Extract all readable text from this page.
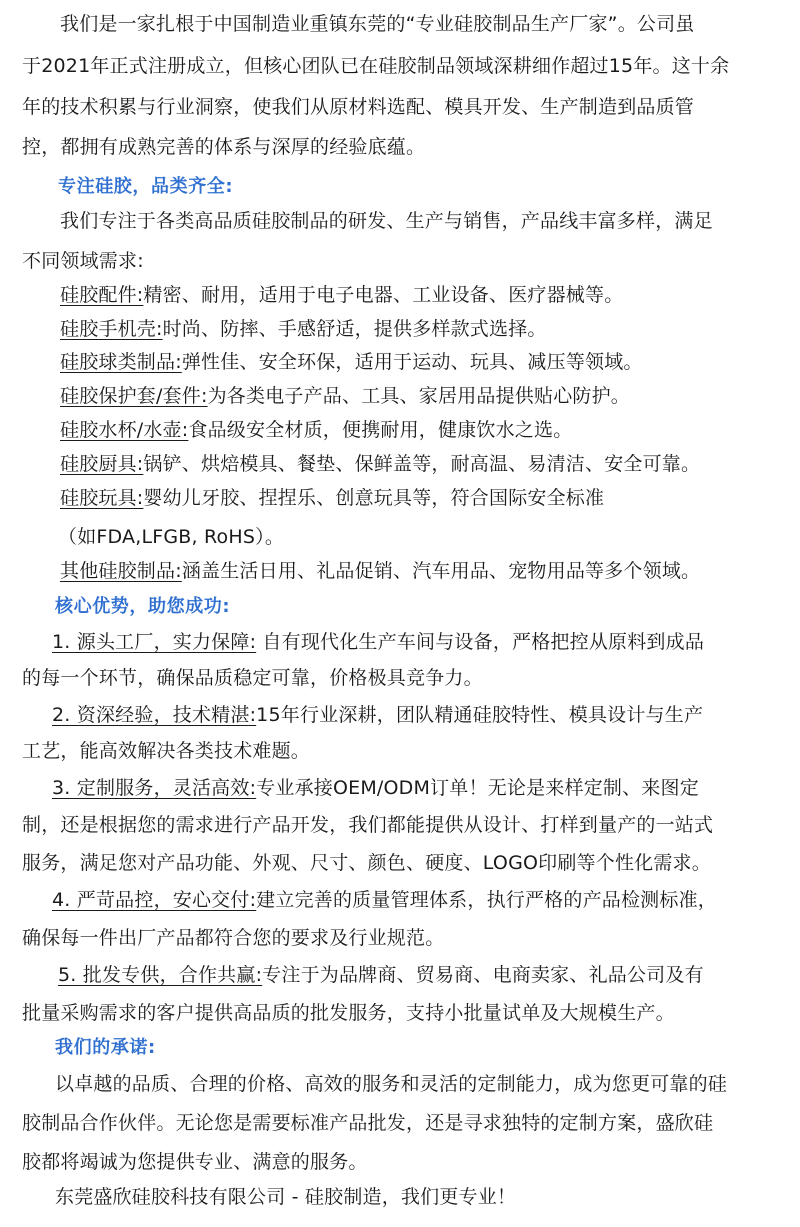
我们是一家扎根于中国制造业重镇东莞的“专业硅胶制品生产厂家”。公司虽
于2021年正式注册成立，但核心团队已在硅胶制品领域深耕细作超过15年。这十余
年的技术积累与行业洞察，使我们从原材料选配、模具开发、生产制造到品质管
控，都拥有成熟完善的体系与深厚的经验底蕴。
专注硅胶，品类齐全:
我们专注于各类高品质硅胶制品的研发、生产与销售，产品线丰富多样，满足
不同领域需求:
硅胶配件:精密、耐用，适用于电子电器、工业设备、医疗器械等。
硅胶手机壳:时尚、防摔、手感舒适，提供多样款式选择。
硅胶球类制品:弹性佳、安全环保，适用于运动、玩具、减压等领域。
硅胶保护套/套件:为各类电子产品、工具、家居用品提供贴心防护。
硅胶水杯/水壶:食品级安全材质，便携耐用，健康饮水之选。
硅胶厨具:锅铲、烘焙模具、餐垫、保鲜盖等，耐高温、易清洁、安全可靠。
硅胶玩具:婴幼儿牙胶、捏捏乐、创意玩具等，符合国际安全标准
（如FDA,LFGB, RoHS）。
其他硅胶制品:涵盖生活日用、礼品促销、汽车用品、宠物用品等多个领域。
核心优势，助您成功:
1. 源头工厂，实力保障: 自有现代化生产车间与设备，严格把控从原料到成品
的每一个环节，确保品质稳定可靠，价格极具竞争力。
2. 资深经验，技术精湛:15年行业深耕，团队精通硅胶特性、模具设计与生产
工艺，能高效解决各类技术难题。
3. 定制服务，灵活高效:专业承接OEM/ODM订单！无论是来样定制、来图定
制，还是根据您的需求进行产品开发，我们都能提供从设计、打样到量产的一站式
服务，满足您对产品功能、外观、尺寸、颜色、硬度、LOGO印刷等个性化需求。
4. 严苛品控，安心交付:建立完善的质量管理体系，执行严格的产品检测标准，
确保每一件出厂产品都符合您的要求及行业规范。
5. 批发专供，合作共赢:专注于为品牌商、贸易商、电商卖家、礼品公司及有
批量采购需求的客户提供高品质的批发服务，支持小批量试单及大规模生产。
我们的承诺:
以卓越的品质、合理的价格、高效的服务和灵活的定制能力，成为您更可靠的硅
胶制品合作伙伴。无论您是需要标准产品批发，还是寻求独特的定制方案，盛欣硅
胶都将竭诚为您提供专业、满意的服务。
东莞盛欣硅胶科技有限公司 - 硅胶制造，我们更专业！
